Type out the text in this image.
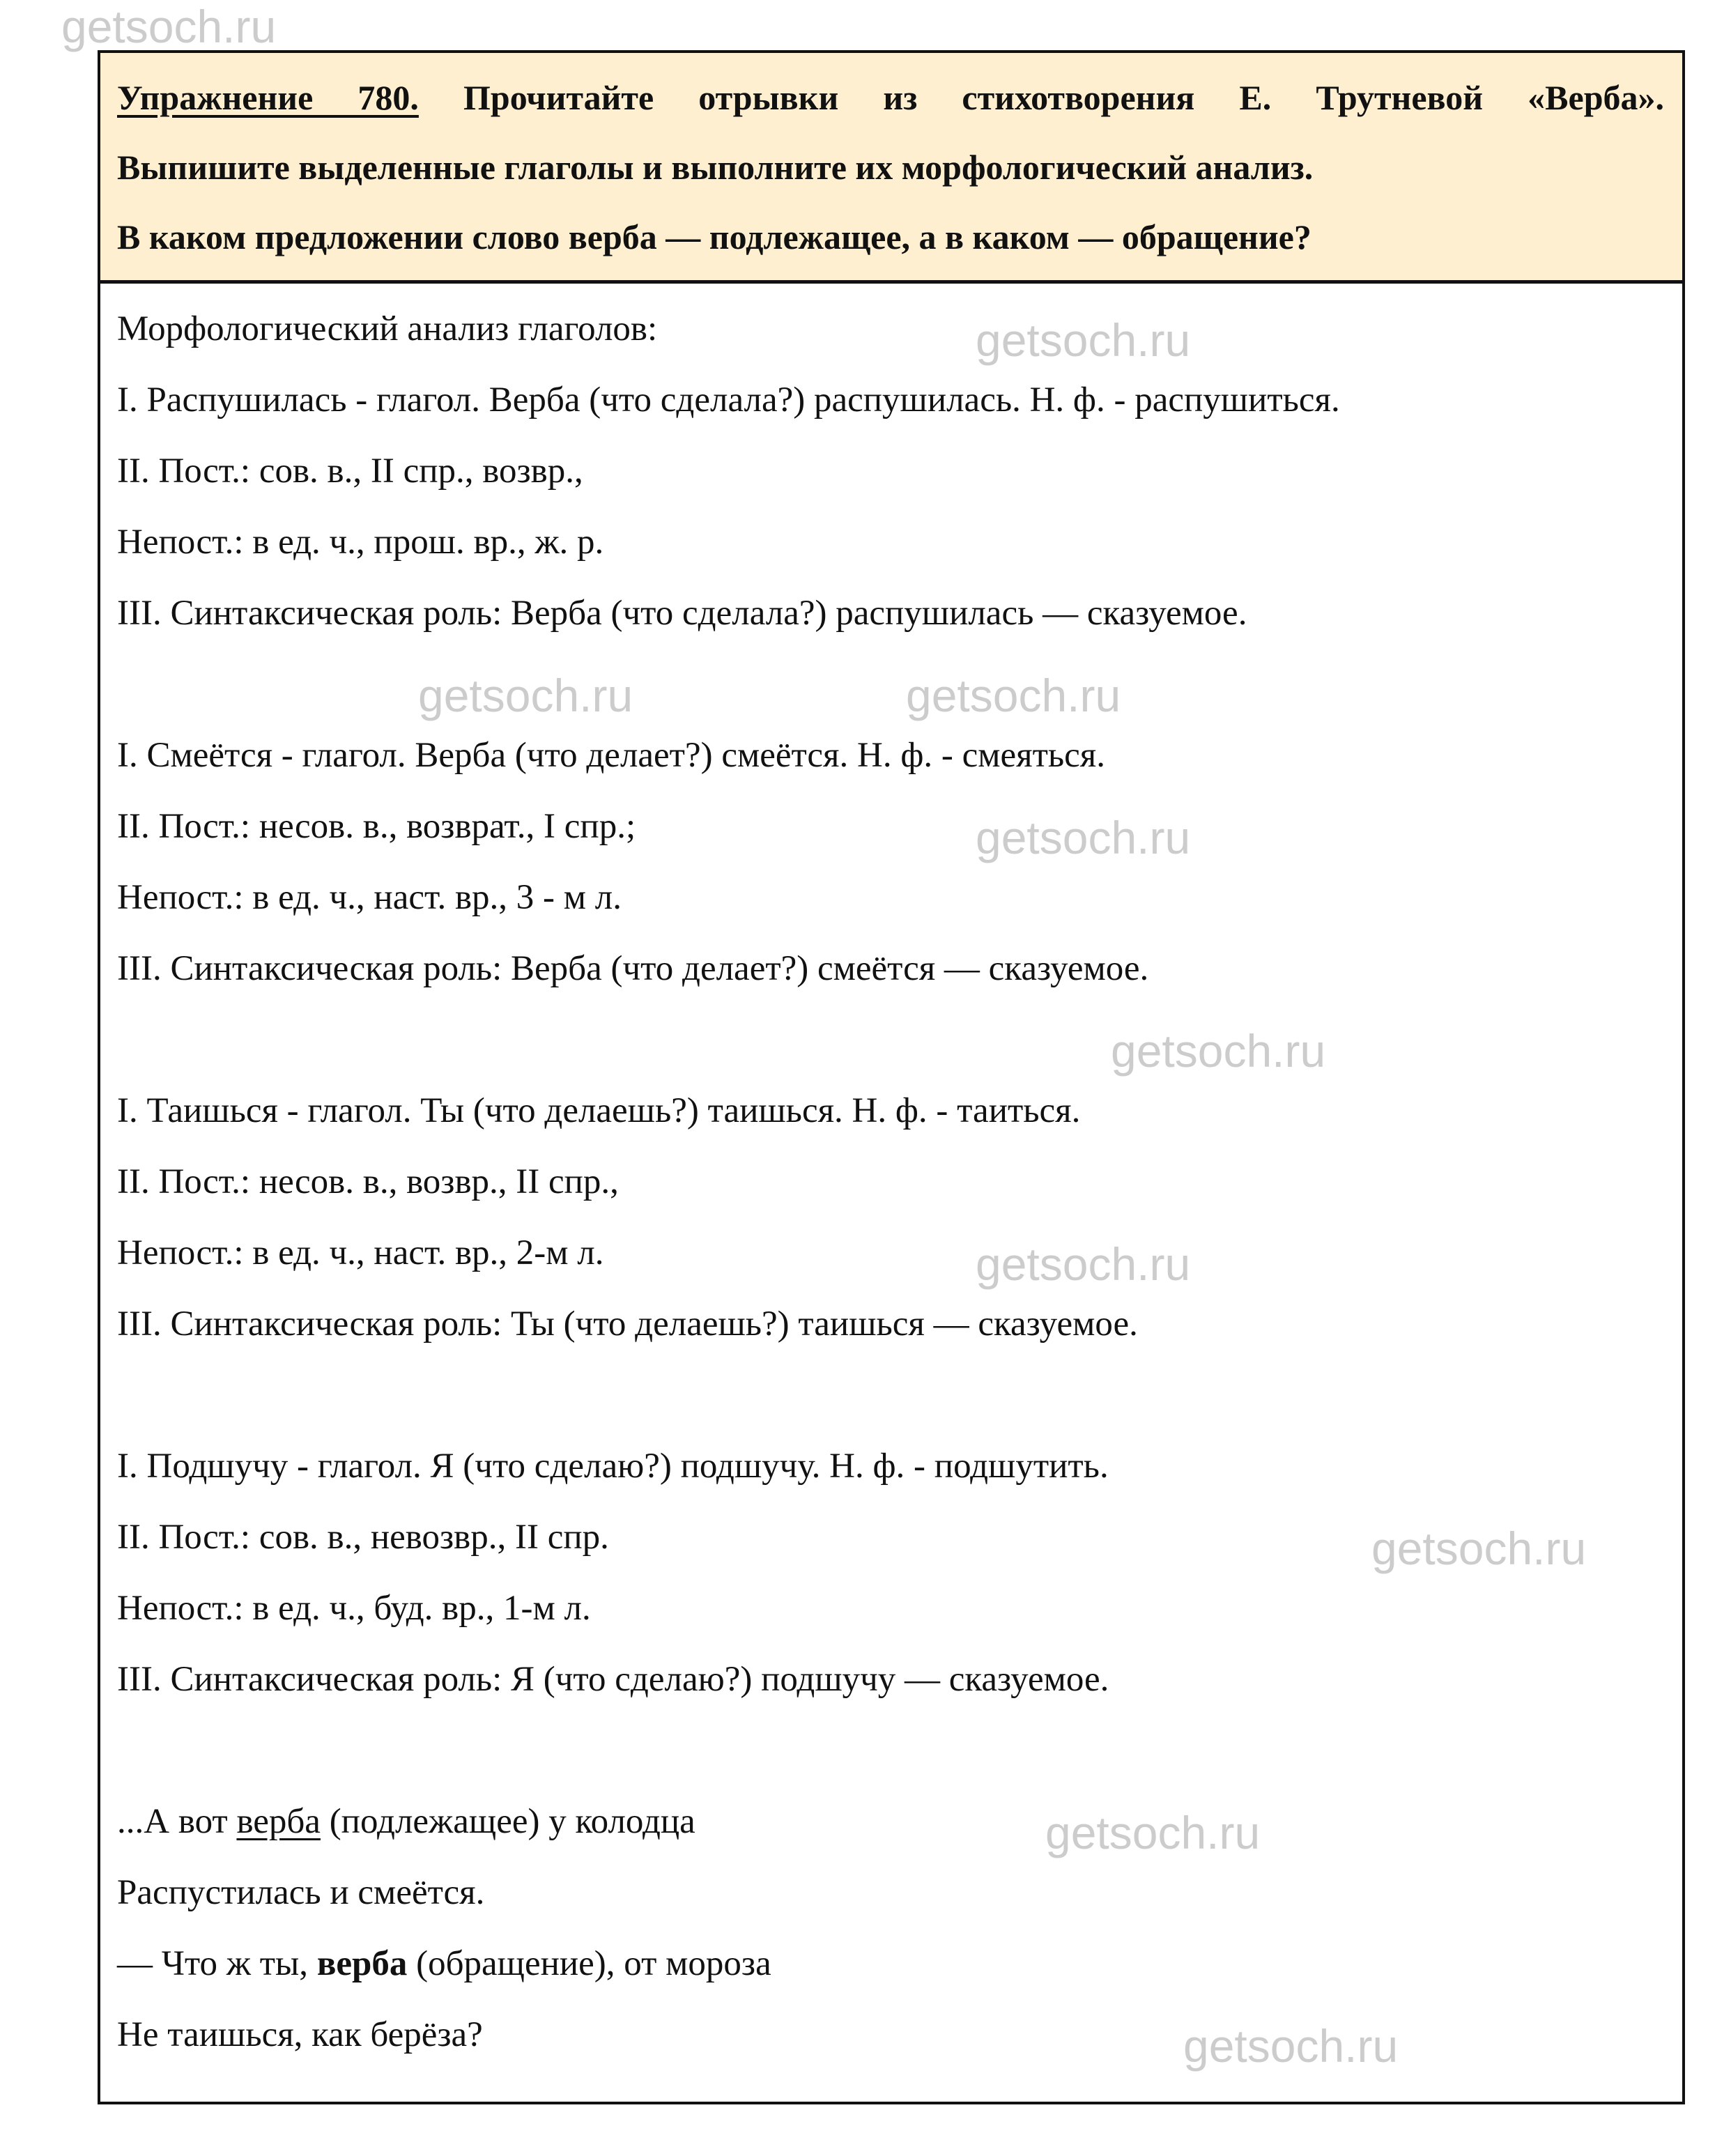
Упражнение 780. Прочитайте отрывки из стихотворения Е. Трутневой «Верба».
Выпишите выделенные глаголы и выполните их морфологический анализ.
В каком предложении слово верба — подлежащее, а в каком — обращение?
Морфологический анализ глаголов:
I. Распушилась - глагол. Верба (что сделала?) распушилась. Н. ф. - распушиться.
II. Пост.: сов. в., II спр., возвр.,
Непост.: в ед. ч., прош. вр., ж. р.
III. Синтаксическая роль: Верба (что сделала?) распушилась — сказуемое.
I. Смеётся - глагол. Верба (что делает?) смеётся. Н. ф. - смеяться.
II. Пост.: несов. в., возврат., I спр.;
Непост.: в ед. ч., наст. вр., 3 - м л.
III. Синтаксическая роль: Верба (что делает?) смеётся — сказуемое.
I. Таишься - глагол. Ты (что делаешь?) таишься. Н. ф. - таиться.
II. Пост.: несов. в., возвр., II спр.,
Непост.: в ед. ч., наст. вр., 2-м л.
III. Синтаксическая роль: Ты (что делаешь?) таишься — сказуемое.
I. Подшучу - глагол. Я (что сделаю?) подшучу. Н. ф. - подшутить.
II. Пост.: сов. в., невозвр., II спр.
Непост.: в ед. ч., буд. вр., 1-м л.
III. Синтаксическая роль: Я (что сделаю?) подшучу — сказуемое.
...А вот верба (подлежащее) у колодца
Распустилась и смеётся.
— Что ж ты, верба (обращение), от мороза
Не таишься, как берёза?
getsoch.ru
getsoch.ru
getsoch.ru
getsoch.ru
getsoch.ru
getsoch.ru
getsoch.ru
getsoch.ru
getsoch.ru
getsoch.ru
